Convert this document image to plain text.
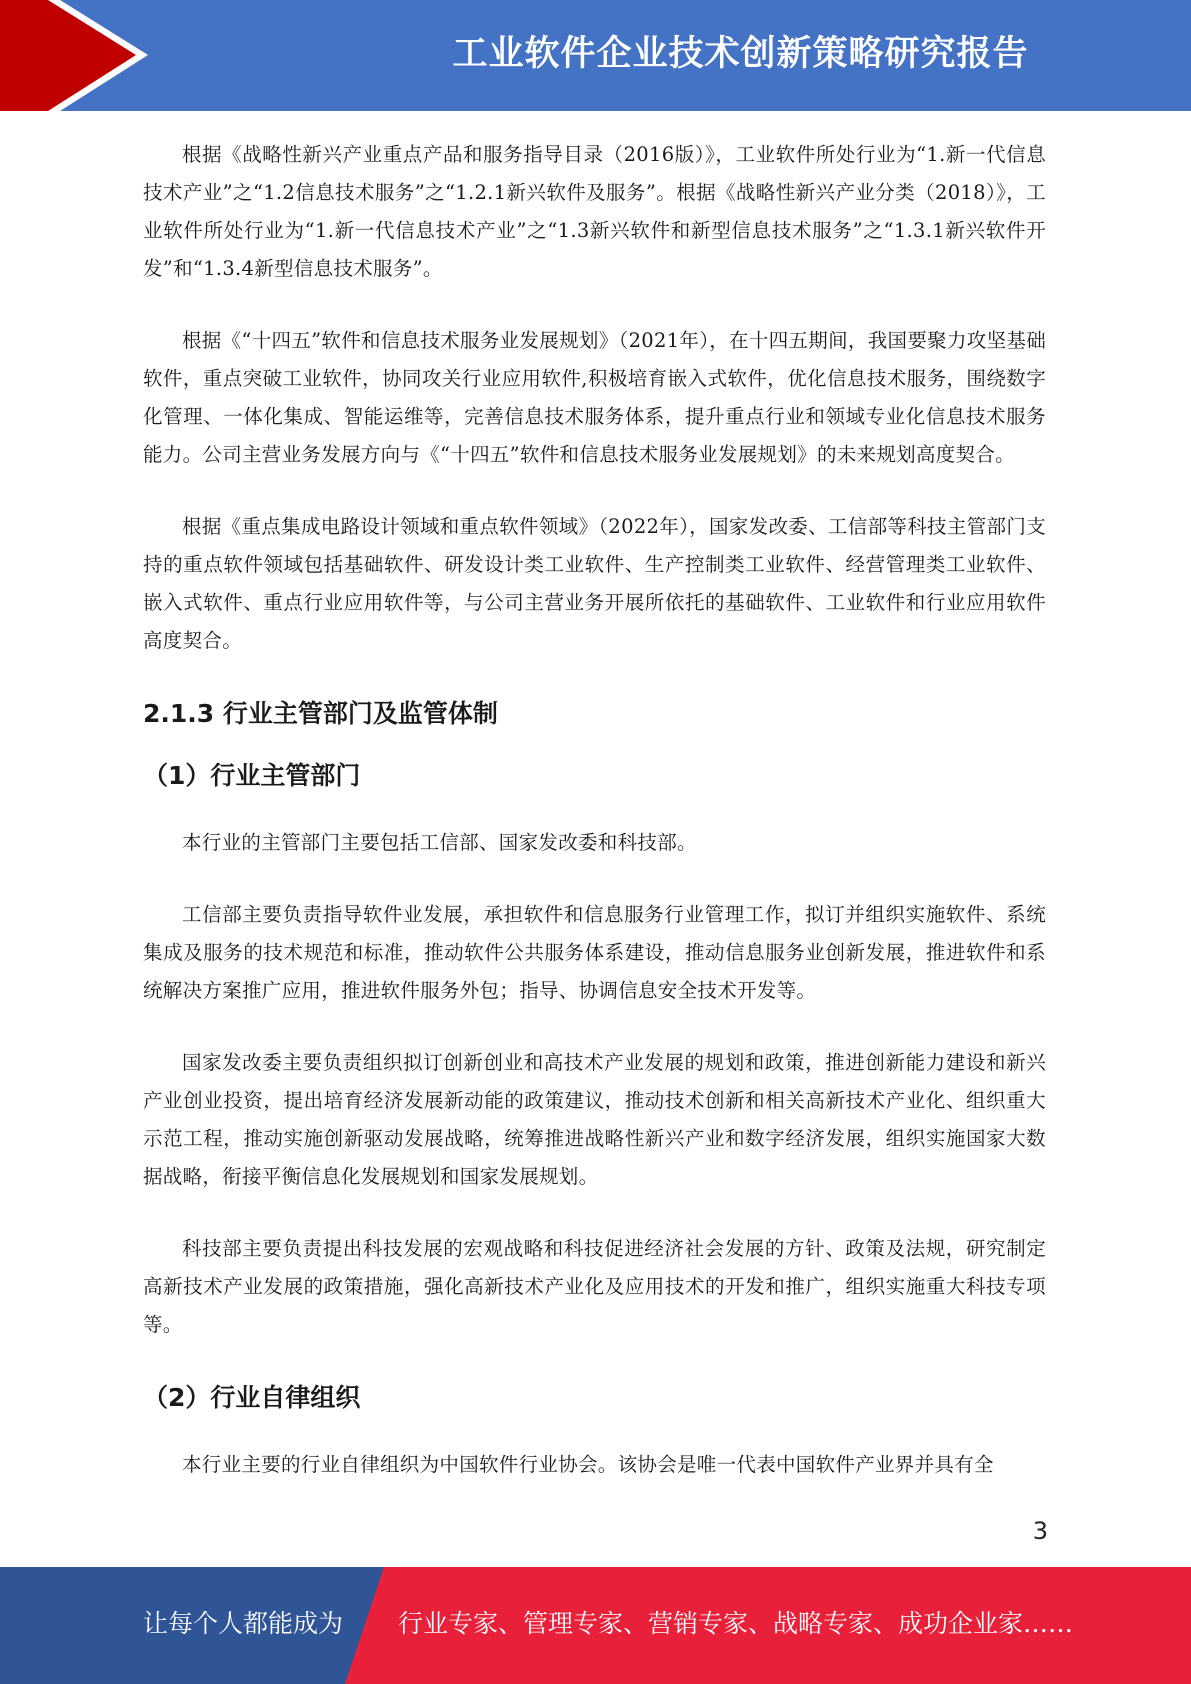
工业软件企业技术创新策略研究报告

根据《战略性新兴产业重点产品和服务指导目录（2016版）》，工业软件所处行业为“1.新一代信息技术产业”之“1.2信息技术服务”之“1.2.1新兴软件及服务”。根据《战略性新兴产业分类（2018）》，工业软件所处行业为“1.新一代信息技术产业”之“1.3新兴软件和新型信息技术服务”之“1.3.1新兴软件开发”和“1.3.4新型信息技术服务”。

根据《“十四五”软件和信息技术服务业发展规划》（2021年），在十四五期间，我国要聚力攻坚基础软件，重点突破工业软件，协同攻关行业应用软件,积极培育嵌入式软件，优化信息技术服务，围绕数字化管理、一体化集成、智能运维等，完善信息技术服务体系，提升重点行业和领域专业化信息技术服务能力。公司主营业务发展方向与《“十四五”软件和信息技术服务业发展规划》的未来规划高度契合。

根据《重点集成电路设计领域和重点软件领域》（2022年），国家发改委、工信部等科技主管部门支持的重点软件领域包括基础软件、研发设计类工业软件、生产控制类工业软件、经营管理类工业软件、嵌入式软件、重点行业应用软件等，与公司主营业务开展所依托的基础软件、工业软件和行业应用软件高度契合。

2.1.3 行业主管部门及监管体制
（1）行业主管部门

本行业的主管部门主要包括工信部、国家发改委和科技部。

工信部主要负责指导软件业发展，承担软件和信息服务行业管理工作，拟订并组织实施软件、系统集成及服务的技术规范和标准，推动软件公共服务体系建设，推动信息服务业创新发展，推进软件和系统解决方案推广应用，推进软件服务外包；指导、协调信息安全技术开发等。

国家发改委主要负责组织拟订创新创业和高技术产业发展的规划和政策，推进创新能力建设和新兴产业创业投资，提出培育经济发展新动能的政策建议，推动技术创新和相关高新技术产业化、组织重大示范工程，推动实施创新驱动发展战略，统筹推进战略性新兴产业和数字经济发展，组织实施国家大数据战略，衔接平衡信息化发展规划和国家发展规划。

科技部主要负责提出科技发展的宏观战略和科技促进经济社会发展的方针、政策及法规，研究制定高新技术产业发展的政策措施，强化高新技术产业化及应用技术的开发和推广，组织实施重大科技专项等。

（2）行业自律组织

本行业主要的行业自律组织为中国软件行业协会。该协会是唯一代表中国软件产业界并具有全

3
让每个人都能成为 行业专家、管理专家、营销专家、战略专家、成功企业家……
